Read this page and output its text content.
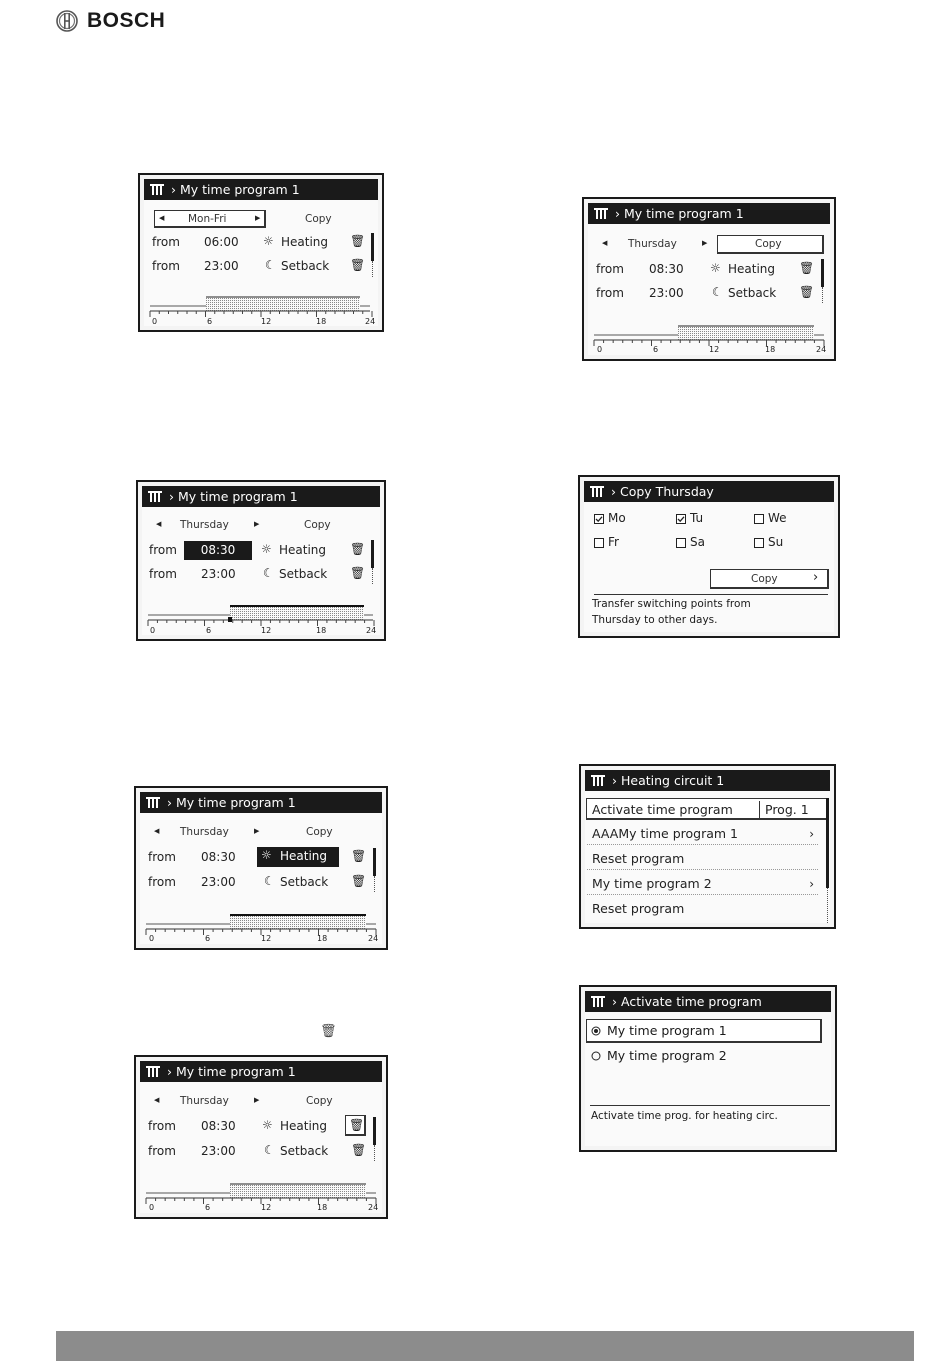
BOSCH
› My time program 1
◀ Mon-Fri	▶	Copy
from 06:00 ☼ Heating 🗑
from 23:00 ☾ Setback 🗑
0	6	12	18	24
› My time program 1
◀ Thursday	▶	Copy
from	08:30	☼ Heating 🗑
from 23:00 ☾ Setback 🗑
0	6	12	18	24
› My time program 1
◀ Thursday	▶	Copy
from 08:30 ☼ Heating 🗑
from 23:00 ☾ Setback 🗑
0	6	12	18	24
🗑
› My time program 1
◀ Thursday	▶	Copy
from 08:30 ☼ Heating 🗑
from 23:00 ☾ Setback 🗑
0	6	12	18	24
› My time program 1
◀ Thursday	▶	Copy
from 08:30 ☼ Heating 🗑
from 23:00 ☾ Setback 🗑
0	6	12	18	24
› Copy Thursday
Mo	Tu	We
Fr	Sa	Su
Copy	›
Transfer switching points from
Thursday to other days.
› Heating circuit 1
Activate time program	Prog. 1
AAAMy time program 1	›
Reset program
My time program 2	›
Reset program
› Activate time program
My time program 1
My time program 2
Activate time prog. for heating circ.
